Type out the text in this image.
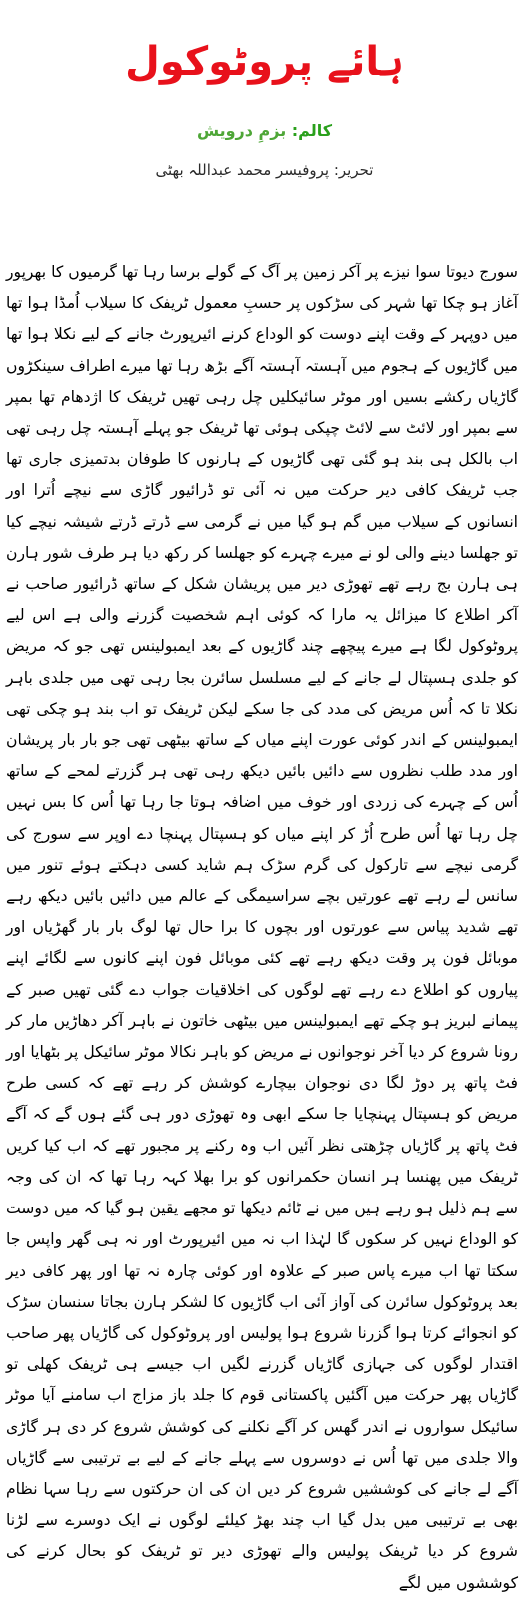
ہائے پروٹوکول
کالم: بزمِ درویش
تحریر: پروفیسر محمد عبداللہ بھٹی
سورج دیوتا سوا نیزے پر آکر زمین پر آگ کے گولے برسا رہا تھا گرمیوں کا بھرپور آغاز ہو چکا تھا شہر کی سڑکوں پر حسبِ معمول ٹریفک کا سیلاب اُمڈا ہوا تھا میں دوپہر کے وقت اپنے دوست کو الوداع کرنے ائیرپورٹ جانے کے لیے نکلا ہوا تھا میں گاڑیوں کے ہجوم میں آہستہ آہستہ آگے بڑھ رہا تھا میرے اطراف سینکڑوں گاڑیاں رکشے بسیں اور موٹر سائیکلیں چل رہی تھیں ٹریفک کا اژدھام تھا بمپر سے بمپر اور لائٹ سے لائٹ چپکی ہوئی تھا ٹریفک جو پہلے آہستہ چل رہی تھی اب بالکل ہی بند ہو گئی تھی گاڑیوں کے ہارنوں کا طوفان بدتمیزی جاری تھا جب ٹریفک کافی دیر حرکت میں نہ آئی تو ڈرائیور گاڑی سے نیچے اُترا اور انسانوں کے سیلاب میں گم ہو گیا میں نے گرمی سے ڈرتے ڈرتے شیشہ نیچے کیا تو جھلسا دینے والی لو نے میرے چہرے کو جھلسا کر رکھ دیا ہر طرف شور ہارن ہی ہارن بج رہے تھے تھوڑی دیر میں پریشان شکل کے ساتھ ڈرائیور صاحب نے آکر اطلاع کا میزائل یہ مارا کہ کوئی اہم شخصیت گزرنے والی ہے اس لیے پروٹوکول لگا ہے میرے پیچھے چند گاڑیوں کے بعد ایمبولینس تھی جو کہ مریض کو جلدی ہسپتال لے جانے کے لیے مسلسل سائرن بجا رہی تھی میں جلدی باہر نکلا تا کہ اُس مریض کی مدد کی جا سکے لیکن ٹریفک تو اب بند ہو چکی تھی ایمبولینس کے اندر کوئی عورت اپنے میاں کے ساتھ بیٹھی تھی جو بار بار پریشان اور مدد طلب نظروں سے دائیں بائیں دیکھ رہی تھی ہر گزرتے لمحے کے ساتھ اُس کے چہرے کی زردی اور خوف میں اضافہ ہوتا جا رہا تھا اُس کا بس نہیں چل رہا تھا اُس طرح اُڑ کر اپنے میاں کو ہسپتال پہنچا دے اوپر سے سورج کی گرمی نیچے سے تارکول کی گرم سڑک ہم شاید کسی دہکتے ہوئے تنور میں سانس لے رہے تھے عورتیں بچے سراسیمگی کے عالم میں دائیں بائیں دیکھ رہے تھے شدید پیاس سے عورتوں اور بچوں کا برا حال تھا لوگ بار بار گھڑیاں اور موبائل فون پر وقت دیکھ رہے تھے کئی موبائل فون اپنے کانوں سے لگائے اپنے پیاروں کو اطلاع دے رہے تھے لوگوں کی اخلاقیات جواب دے گئی تھیں صبر کے پیمانے لبریز ہو چکے تھے ایمبولینس میں بیٹھی خاتون نے باہر آکر دھاڑیں مار کر رونا شروع کر دیا آخر نوجوانوں نے مریض کو باہر نکالا موٹر سائیکل پر بٹھایا اور فٹ پاتھ پر دوڑ لگا دی نوجوان بیچارے کوشش کر رہے تھے کہ کسی طرح مریض کو ہسپتال پہنچایا جا سکے ابھی وہ تھوڑی دور ہی گئے ہوں گے کہ آگے فٹ پاتھ پر گاڑیاں چڑھتی نظر آئیں اب وہ رکنے پر مجبور تھے کہ اب کیا کریں ٹریفک میں پھنسا ہر انسان حکمرانوں کو برا بھلا کہہ رہا تھا کہ ان کی وجہ سے ہم ذلیل ہو رہے ہیں میں نے ٹائم دیکھا تو مجھے یقین ہو گیا کہ میں دوست کو الوداع نہیں کر سکوں گا لہٰذا اب نہ میں ائیرپورٹ اور نہ ہی گھر واپس جا سکتا تھا اب میرے پاس صبر کے علاوہ اور کوئی چارہ نہ تھا اور پھر کافی دیر بعد پروٹوکول سائرن کی آواز آئی اب گاڑیوں کا لشکر ہارن بجاتا سنسان سڑک کو انجوائے کرتا ہوا گزرنا شروع ہوا پولیس اور پروٹوکول کی گاڑیاں پھر صاحب اقتدار لوگوں کی جہازی گاڑیاں گزرنے لگیں اب جیسے ہی ٹریفک کھلی تو گاڑیاں پھر حرکت میں آگئیں پاکستانی قوم کا جلد باز مزاج اب سامنے آیا موٹر سائیکل سواروں نے اندر گھس کر آگے نکلنے کی کوشش شروع کر دی ہر گاڑی والا جلدی میں تھا اُس نے دوسروں سے پہلے جانے کے لیے بے ترتیبی سے گاڑیاں آگے لے جانے کی کوششیں شروع کر دیں ان کی ان حرکتوں سے رہا سہا نظام بھی بے ترتیبی میں بدل گیا اب چند بھڑ کیلئے لوگوں نے ایک دوسرے سے لڑنا شروع کر دیا ٹریفک پولیس والے تھوڑی دیر تو ٹریفک کو بحال کرنے کی کوششوں میں لگے
